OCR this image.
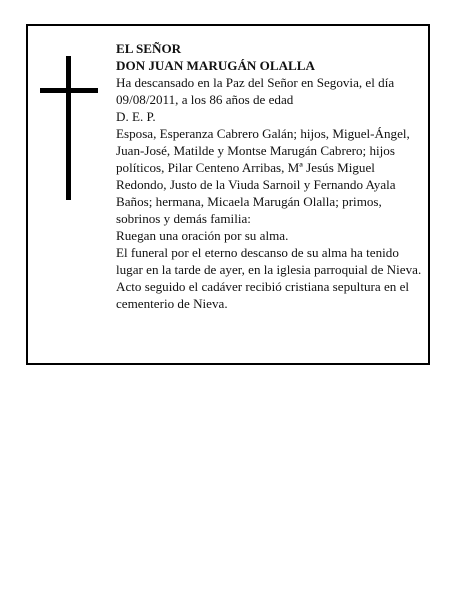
EL SEÑOR

DON JUAN MARUGÁN OLALLA

Ha descansado en la Paz del Señor en Segovia, el día 09/08/2011, a los 86 años de edad

D. E. P.

Esposa, Esperanza Cabrero Galán; hijos, Miguel-Ángel, Juan-José, Matilde y Montse Marugán Cabrero; hijos políticos, Pilar Centeno Arribas, Mª Jesús Miguel Redondo, Justo de la Viuda Sarnoil y Fernando Ayala Baños; hermana, Micaela Marugán Olalla; primos, sobrinos y demás familia:

Ruegan una oración por su alma.

El funeral por el eterno descanso de su alma ha tenido lugar en la tarde de ayer, en la iglesia parroquial de Nieva. Acto seguido el cadáver recibió cristiana sepultura en el cementerio de Nieva.
